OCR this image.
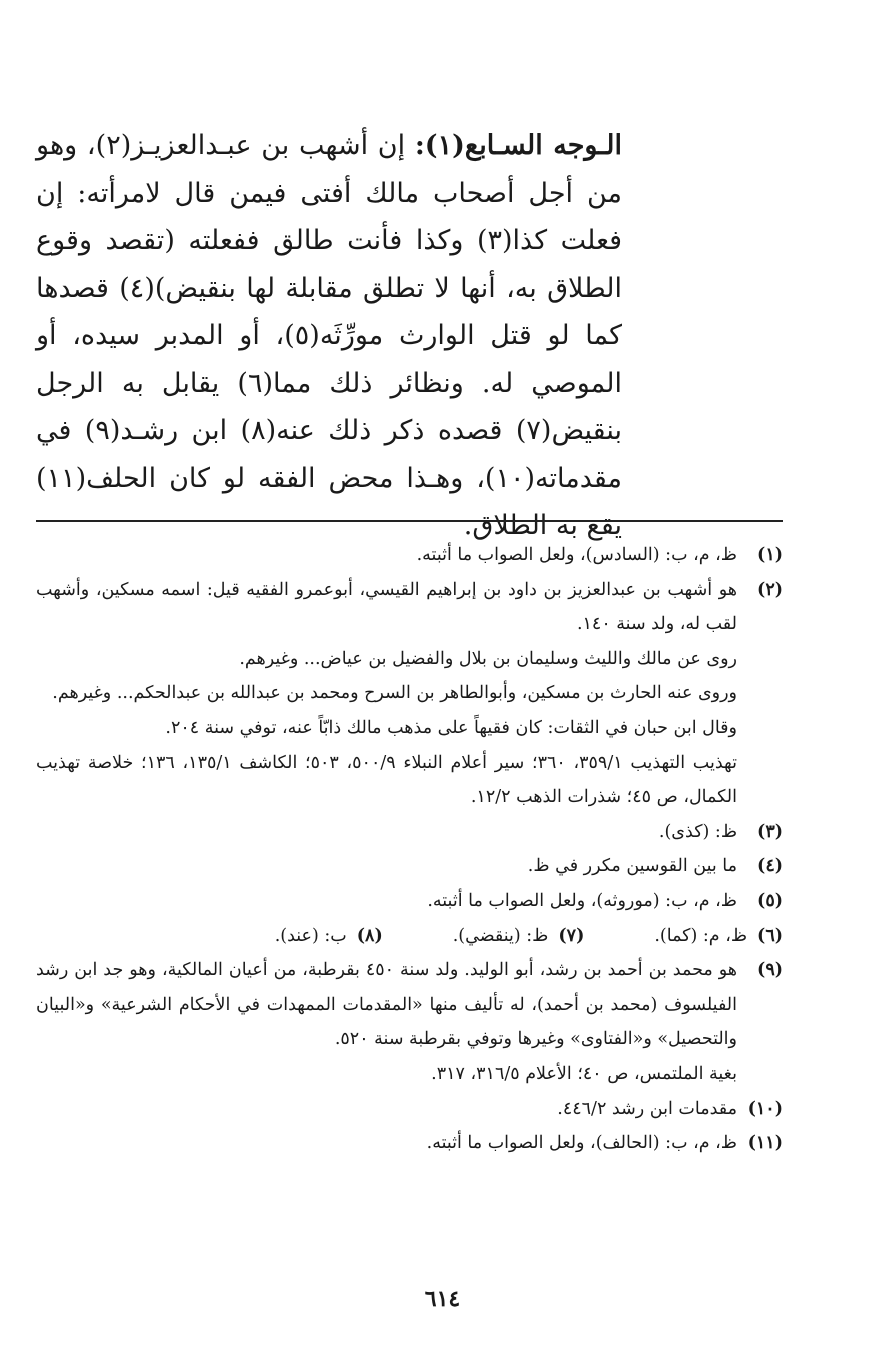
الـوجه السـابع(١): إن أشهب بن عبـدالعزيـز(٢)، وهو من أجل أصحاب مالك أفتى فيمن قال لامرأته: إن فعلت كذا(٣) وكذا فأنت طالق ففعلته (تقصد وقوع الطلاق به، أنها لا تطلق مقابلة لها بنقيض)(٤) قصدها كما لو قتل الوارث مورِّثَه(٥)، أو المدبر سيده، أو الموصي له. ونظائر ذلك مما(٦) يقابل به الرجل بنقيض(٧) قصده ذكر ذلك عنه(٨) ابن رشـد(٩) في مقدماته(١٠)، وهـذا محض الفقه لو كان الحلف(١١) يقع به الطلاق.
(١)
ظ، م، ب: (السادس)، ولعل الصواب ما أثبته.
(٢)
هو أشهب بن عبدالعزيز بن داود بن إبراهيم القيسي، أبوعمرو الفقيه قيل: اسمه مسكين، وأشهب لقب له، ولد سنة ١٤٠.
روى عن مالك والليث وسليمان بن بلال والفضيل بن عياض... وغيرهم.
وروى عنه الحارث بن مسكين، وأبوالطاهر بن السرح ومحمد بن عبدالله بن عبدالحكم... وغيرهم.
وقال ابن حبان في الثقات: كان فقيهاً على مذهب مالك ذابّاً عنه، توفي سنة ٢٠٤.
تهذيب التهذيب ٣٥٩/١، ٣٦٠؛ سير أعلام النبلاء ٥٠٠/٩، ٥٠٣؛ الكاشف ١٣٥/١، ١٣٦؛ خلاصة تهذيب الكمال، ص ٤٥؛ شذرات الذهب ١٢/٢.
(٣)
ظ: (كذى).
(٤)
ما بين القوسين مكرر في ظ.
(٥)
ظ، م، ب: (موروثه)، ولعل الصواب ما أثبته.
(٦)ظ، م: (كما).
(٧)ظ: (ينقضي).
(٨)ب: (عند).
(٩)
هو محمد بن أحمد بن رشد، أبو الوليد. ولد سنة ٤٥٠ بقرطبة، من أعيان المالكية، وهو جد ابن رشد الفيلسوف (محمد بن أحمد)، له تأليف منها «المقدمات الممهدات في الأحكام الشرعية» و«البيان والتحصيل» و«الفتاوى» وغيرها وتوفي بقرطبة سنة ٥٢٠.
بغية الملتمس، ص ٤٠؛ الأعلام ٣١٦/٥، ٣١٧.
(١٠)
مقدمات ابن رشد ٤٤٦/٢.
(١١)
ظ، م، ب: (الحالف)، ولعل الصواب ما أثبته.
٦١٤
